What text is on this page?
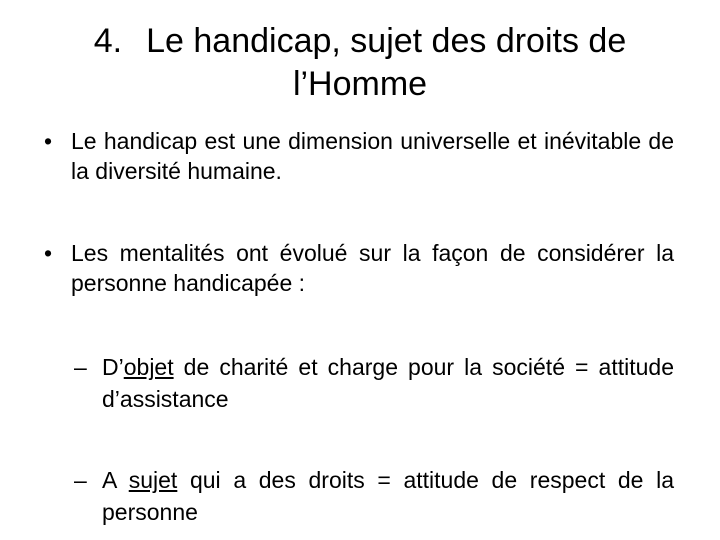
4. Le handicap, sujet des droits de l’Homme
• Le handicap est une dimension universelle et inévitable de la diversité humaine.
• Les mentalités ont évolué sur la façon de considérer la personne handicapée :
– D’objet de charité et charge pour la société = attitude d’assistance
– A sujet qui a des droits = attitude de respect de la personne
